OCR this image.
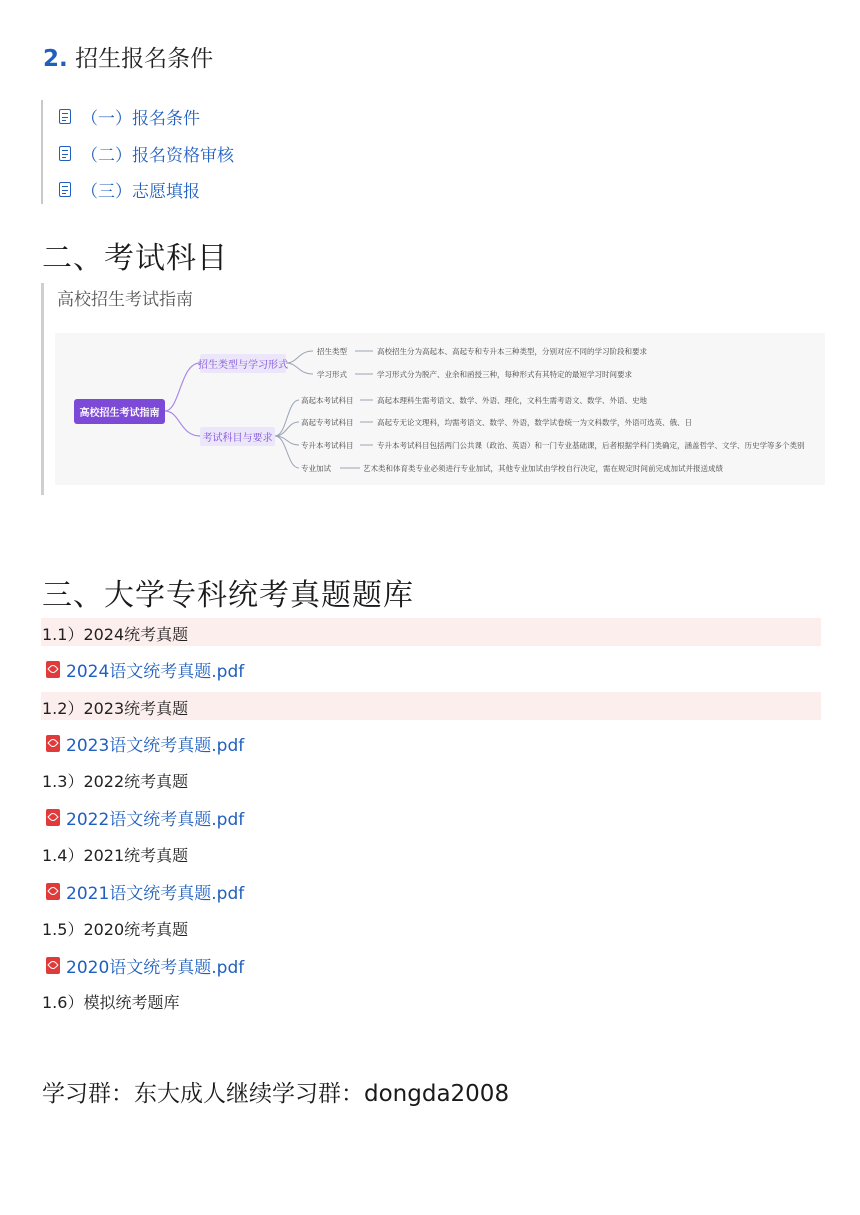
2. 招生报名条件
（一）报名条件
（二）报名资格审核
（三）志愿填报
二、考试科目
高校招生考试指南
高校招生考试指南
招生类型与学习形式
考试科目与要求
招生类型	高校招生分为高起本、高起专和专升本三种类型，分别对应不同的学习阶段和要求
学习形式	学习形式分为脱产、业余和函授三种，每种形式有其特定的最短学习时间要求
高起本考试科目	高起本理科生需考语文、数学、外语、理化，文科生需考语文、数学、外语、史地
高起专考试科目	高起专无论文理科，均需考语文、数学、外语，数学试卷统一为文科数学，外语可选英、俄、日
专升本考试科目	专升本考试科目包括两门公共课（政治、英语）和一门专业基础课，后者根据学科门类确定，涵盖哲学、文学、历史学等多个类别
专业加试	艺术类和体育类专业必须进行专业加试，其他专业加试由学校自行决定，需在规定时间前完成加试并报送成绩
三、大学专科统考真题题库
1.1）2024统考真题
2024语文统考真题.pdf
1.2）2023统考真题
2023语文统考真题.pdf
1.3）2022统考真题
2022语文统考真题.pdf
1.4）2021统考真题
2021语文统考真题.pdf
1.5）2020统考真题
2020语文统考真题.pdf
1.6）模拟统考题库
学习群：东大成人继续学习群：dongda2008
